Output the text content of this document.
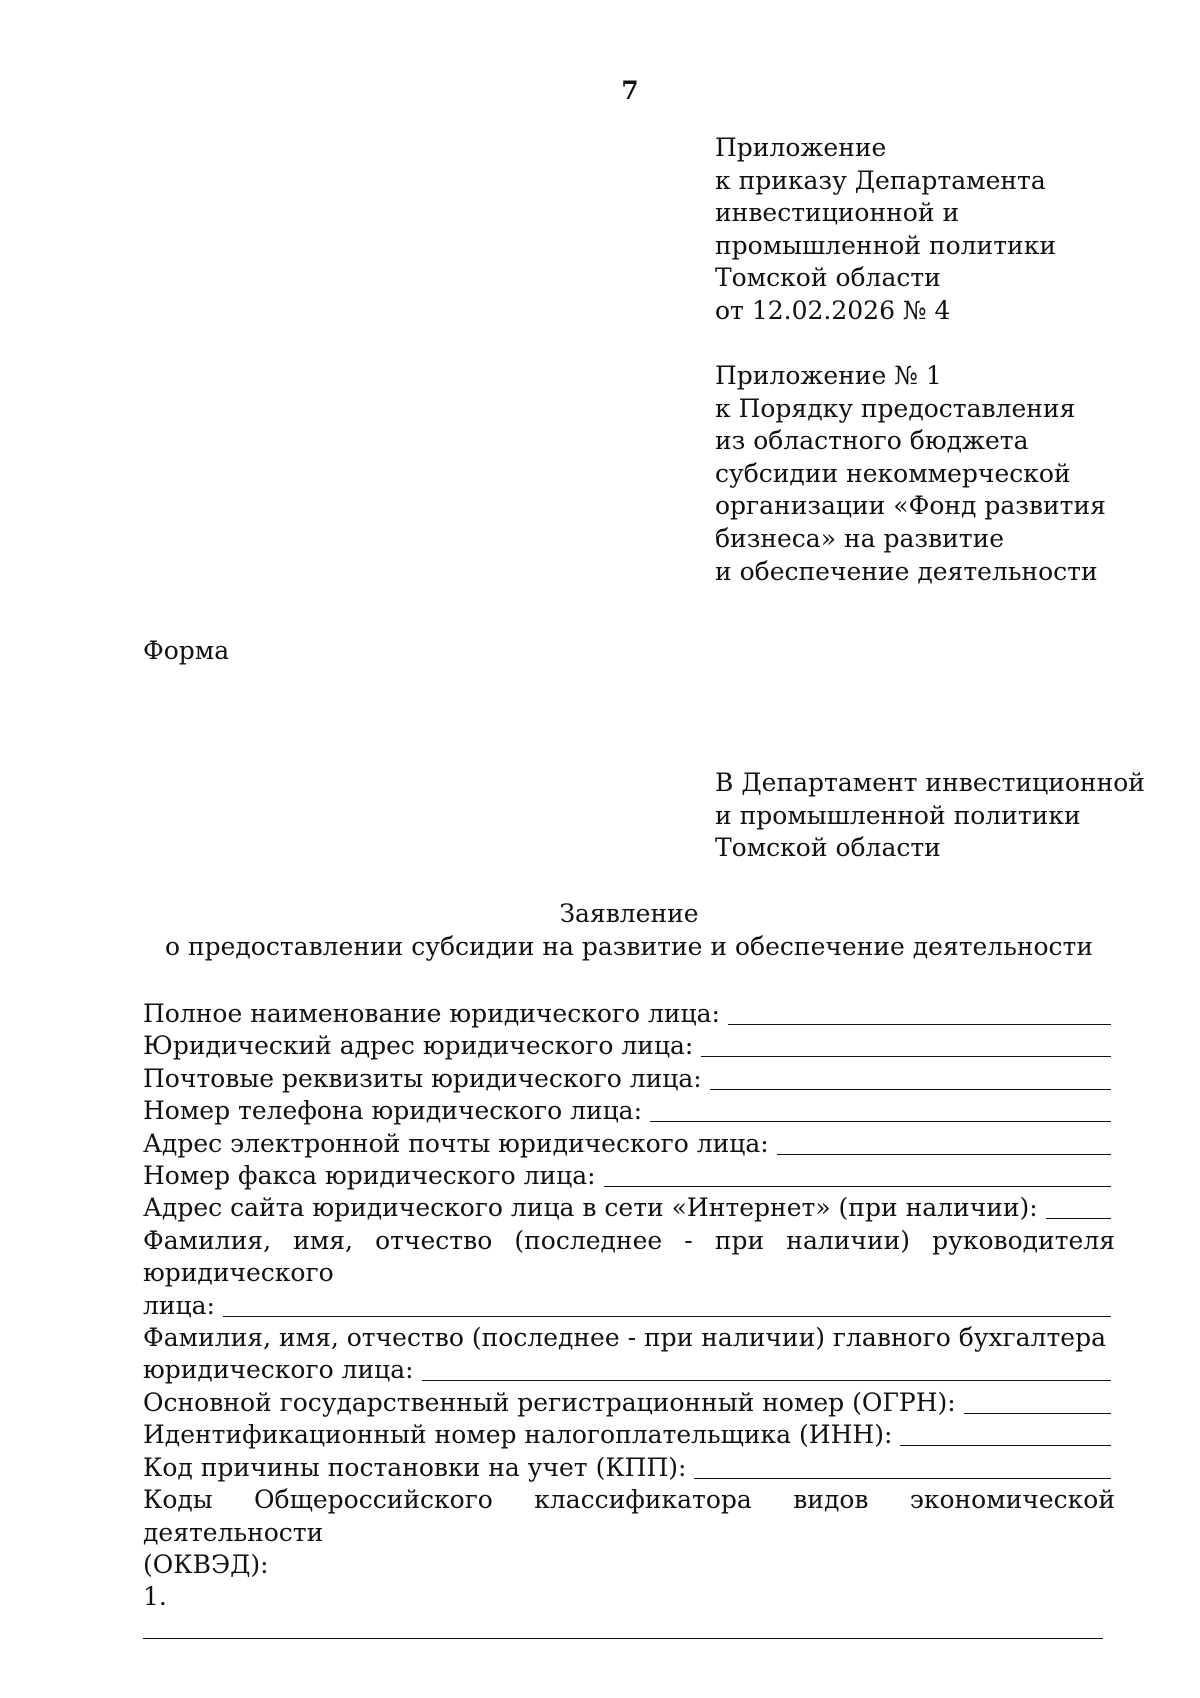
7
Приложение
к приказу Департамента
инвестиционной и
промышленной политики
Томской области
от 12.02.2026 № 4
Приложение № 1
к Порядку предоставления
из областного бюджета
субсидии некоммерческой
организации «Фонд развития
бизнеса» на развитие
и обеспечение деятельности
Форма
В Департамент инвестиционной
и промышленной политики
Томской области
Заявление
о предоставлении субсидии на развитие и обеспечение деятельности
Полное наименование юридического лица:
Юридический адрес юридического лица:
Почтовые реквизиты юридического лица:
Номер телефона юридического лица:
Адрес электронной почты юридического лица:
Номер факса юридического лица:
Адрес сайта юридического лица в сети «Интернет» (при наличии):
Фамилия, имя, отчество (последнее - при наличии) руководителя юридического
лица:
Фамилия, имя, отчество (последнее - при наличии) главного бухгалтера
юридического лица:
Основной государственный регистрационный номер (ОГРН):
Идентификационный номер налогоплательщика (ИНН):
Код причины постановки на учет (КПП):
Коды Общероссийского классификатора видов экономической деятельности
(ОКВЭД):
1.
